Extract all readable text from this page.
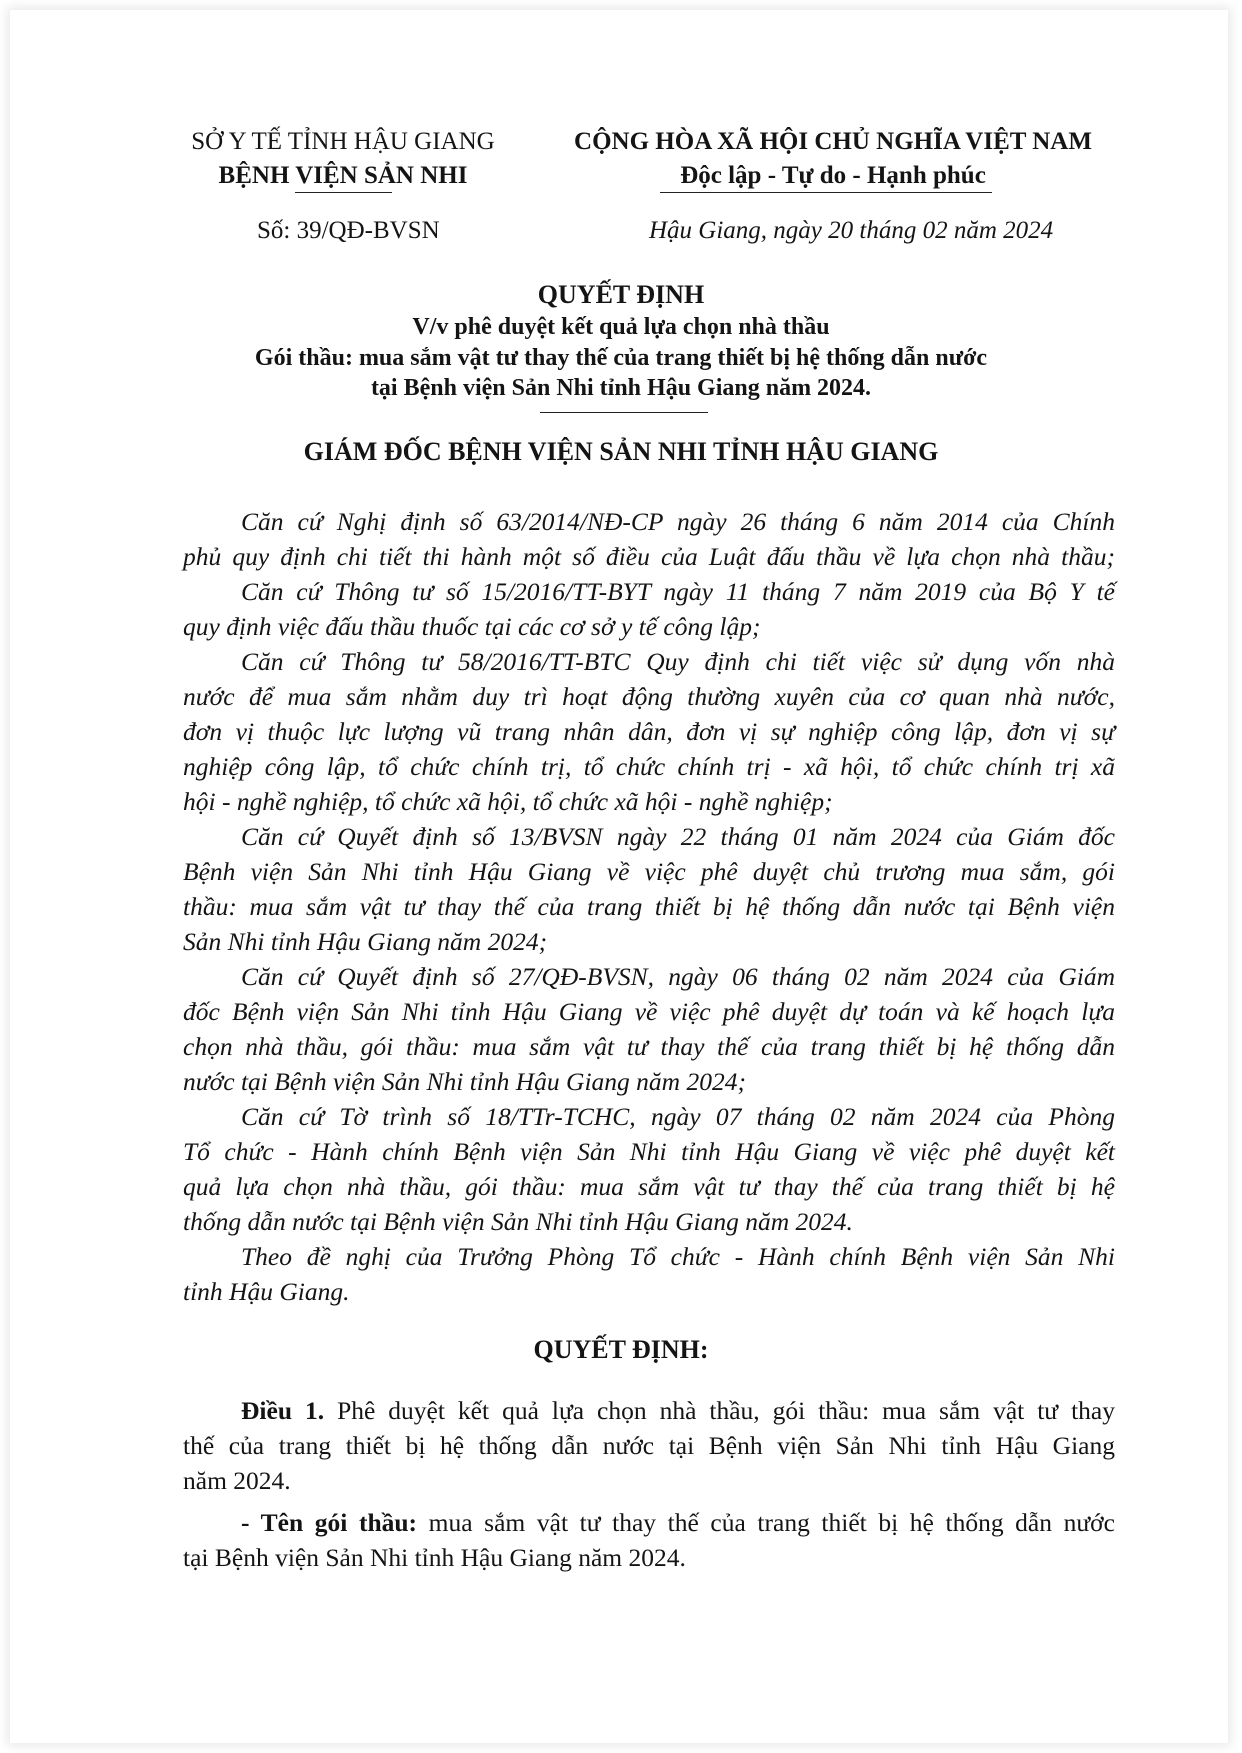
SỞ Y TẾ TỈNH HẬU GIANG
BỆNH VIỆN SẢN NHI
CỘNG HÒA XÃ HỘI CHỦ NGHĨA VIỆT NAM
Độc lập - Tự do - Hạnh phúc
Số: 39/QĐ-BVSN	Hậu Giang, ngày 20 tháng 02 năm 2024
QUYẾT ĐỊNH
V/v phê duyệt kết quả lựa chọn nhà thầu
Gói thầu: mua sắm vật tư thay thế của trang thiết bị hệ thống dẫn nước
tại Bệnh viện Sản Nhi tỉnh Hậu Giang năm 2024.
GIÁM ĐỐC BỆNH VIỆN SẢN NHI TỈNH HẬU GIANG
Căn cứ Nghị định số 63/2014/NĐ-CP ngày 26 tháng 6 năm 2014 của Chính
phủ quy định chi tiết thi hành một số điều của Luật đấu thầu về lựa chọn nhà thầu;
Căn cứ Thông tư số 15/2016/TT-BYT ngày 11 tháng 7 năm 2019 của Bộ Y tế
quy định việc đấu thầu thuốc tại các cơ sở y tế công lập;
Căn cứ Thông tư 58/2016/TT-BTC Quy định chi tiết việc sử dụng vốn nhà
nước để mua sắm nhằm duy trì hoạt động thường xuyên của cơ quan nhà nước,
đơn vị thuộc lực lượng vũ trang nhân dân, đơn vị sự nghiệp công lập, đơn vị sự
nghiệp công lập, tổ chức chính trị, tổ chức chính trị - xã hội, tổ chức chính trị xã
hội - nghề nghiệp, tổ chức xã hội, tổ chức xã hội - nghề nghiệp;
Căn cứ Quyết định số 13/BVSN ngày 22 tháng 01 năm 2024 của Giám đốc
Bệnh viện Sản Nhi tỉnh Hậu Giang về việc phê duyệt chủ trương mua sắm, gói
thầu: mua sắm vật tư thay thế của trang thiết bị hệ thống dẫn nước tại Bệnh viện
Sản Nhi tỉnh Hậu Giang năm 2024;
Căn cứ Quyết định số 27/QĐ-BVSN, ngày 06 tháng 02 năm 2024 của Giám
đốc Bệnh viện Sản Nhi tỉnh Hậu Giang về việc phê duyệt dự toán và kế hoạch lựa
chọn nhà thầu, gói thầu: mua sắm vật tư thay thế của trang thiết bị hệ thống dẫn
nước tại Bệnh viện Sản Nhi tỉnh Hậu Giang năm 2024;
Căn cứ Tờ trình số 18/TTr-TCHC, ngày 07 tháng 02 năm 2024 của Phòng
Tổ chức - Hành chính Bệnh viện Sản Nhi tỉnh Hậu Giang về việc phê duyệt kết
quả lựa chọn nhà thầu, gói thầu: mua sắm vật tư thay thế của trang thiết bị hệ
thống dẫn nước tại Bệnh viện Sản Nhi tỉnh Hậu Giang năm 2024.
Theo đề nghị của Trưởng Phòng Tổ chức - Hành chính Bệnh viện Sản Nhi
tỉnh Hậu Giang.
QUYẾT ĐỊNH:
Điều 1. Phê duyệt kết quả lựa chọn nhà thầu, gói thầu: mua sắm vật tư thay
thế của trang thiết bị hệ thống dẫn nước tại Bệnh viện Sản Nhi tỉnh Hậu Giang
năm 2024.
- Tên gói thầu: mua sắm vật tư thay thế của trang thiết bị hệ thống dẫn nước
tại Bệnh viện Sản Nhi tỉnh Hậu Giang năm 2024.
